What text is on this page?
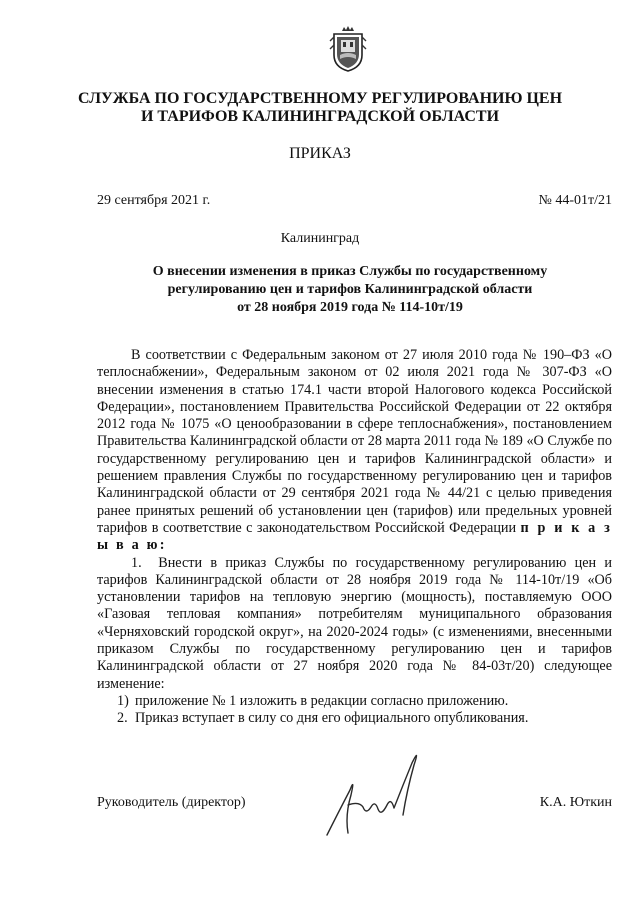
СЛУЖБА ПО ГОСУДАРСТВЕННОМУ РЕГУЛИРОВАНИЮ ЦЕН
И ТАРИФОВ КАЛИНИНГРАДСКОЙ ОБЛАСТИ
ПРИКАЗ
29 сентября 2021 г.	№ 44-01т/21
Калининград
О внесении изменения в приказ Службы по государственному
регулированию цен и тарифов Калининградской области
от 28 ноября 2019 года № 114-10т/19

В соответствии с Федеральным законом от 27 июля 2010 года № 190–ФЗ «О теплоснабжении», Федеральным законом от 02 июля 2021 года № 307-ФЗ «О внесении изменения в статью 174.1 части второй Налогового кодекса Российской Федерации», постановлением Правительства Российской Федерации от 22 октября 2012 года № 1075 «О ценообразовании в сфере теплоснабжения», постановлением Правительства Калининградской области от 28 марта 2011 года № 189 «О Службе по государственному регулированию цен и тарифов Калининградской области» и решением правления Службы по государственному регулированию цен и тарифов Калининградской области от 29 сентября 2021 года № 44/21 с целью приведения ранее принятых решений об установлении цен (тарифов) или предельных уровней тарифов в соответствие с законодательством Российской Федерации п р и к а з ы в а ю:

1. Внести в приказ Службы по государственному регулированию цен и тарифов Калининградской области от 28 ноября 2019 года № 114-10т/19 «Об установлении тарифов на тепловую энергию (мощность), поставляемую ООО «Газовая тепловая компания» потребителям муниципального образования «Черняховский городской округ», на 2020-2024 годы» (с изменениями, внесенными приказом Службы по государственному регулированию цен и тарифов Калининградской области от 27 ноября 2020 года № 84-03т/20) следующее изменение:

1) приложение № 1 изложить в редакции согласно приложению.

2. Приказ вступает в силу со дня его официального опубликования.

Руководитель (директор)	К.А. Юткин
